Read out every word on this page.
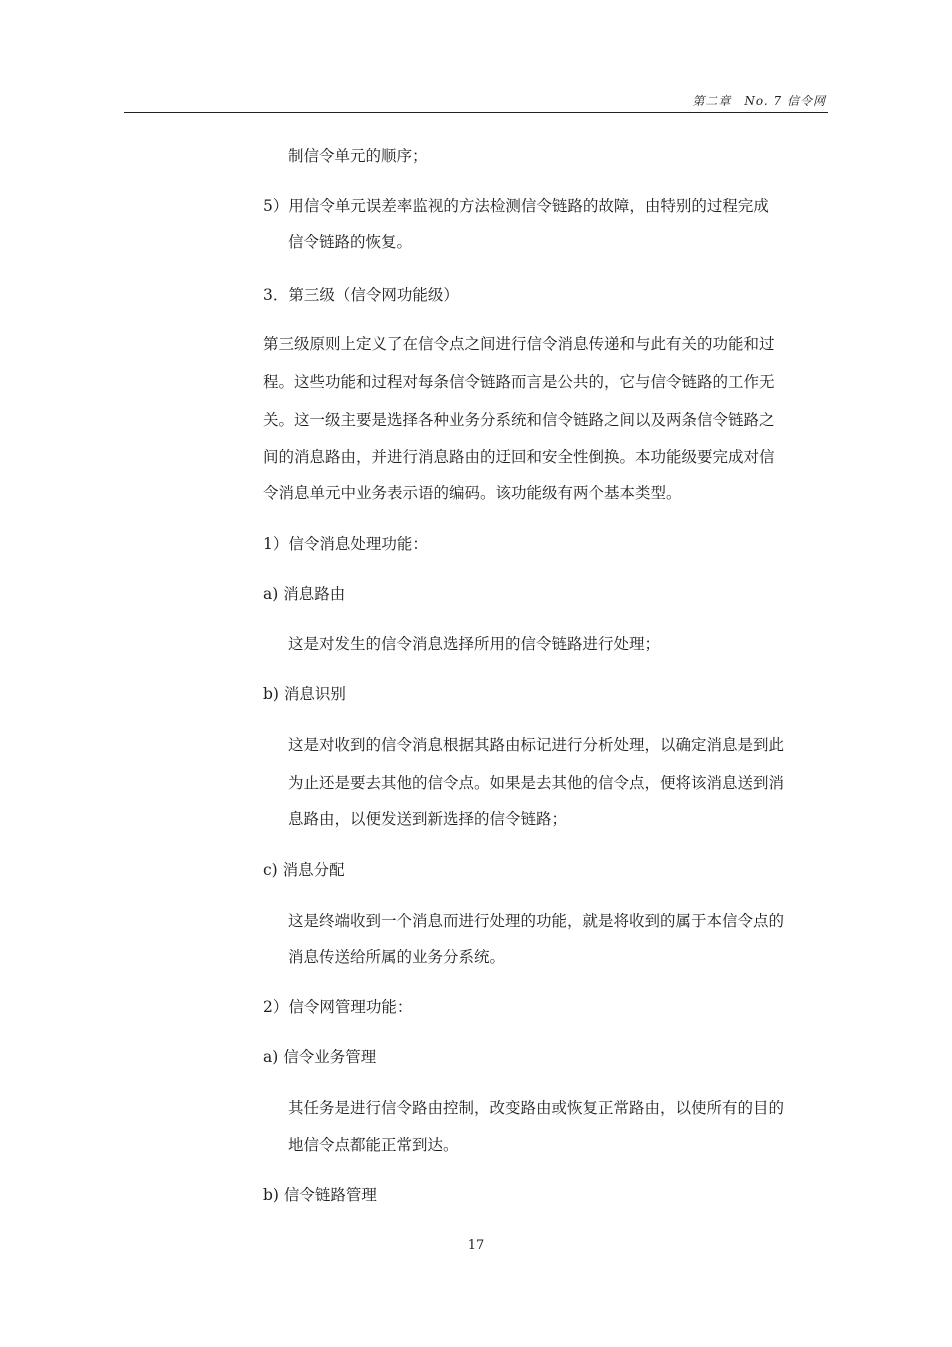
第二章　No. 7 信令网
制信令单元的顺序；
5）用信令单元误差率监视的方法检测信令链路的故障，由特别的过程完成
信令链路的恢复。
3．第三级（信令网功能级）
第三级原则上定义了在信令点之间进行信令消息传递和与此有关的功能和过
程。这些功能和过程对每条信令链路而言是公共的，它与信令链路的工作无
关。这一级主要是选择各种业务分系统和信令链路之间以及两条信令链路之
间的消息路由，并进行消息路由的迂回和安全性倒换。本功能级要完成对信
令消息单元中业务表示语的编码。该功能级有两个基本类型。
1）信令消息处理功能：
a) 消息路由
这是对发生的信令消息选择所用的信令链路进行处理；
b) 消息识别
这是对收到的信令消息根据其路由标记进行分析处理，以确定消息是到此
为止还是要去其他的信令点。如果是去其他的信令点，便将该消息送到消
息路由，以便发送到新选择的信令链路；
c) 消息分配
这是终端收到一个消息而进行处理的功能，就是将收到的属于本信令点的
消息传送给所属的业务分系统。
2）信令网管理功能：
a) 信令业务管理
其任务是进行信令路由控制，改变路由或恢复正常路由，以使所有的目的
地信令点都能正常到达。
b) 信令链路管理
17
